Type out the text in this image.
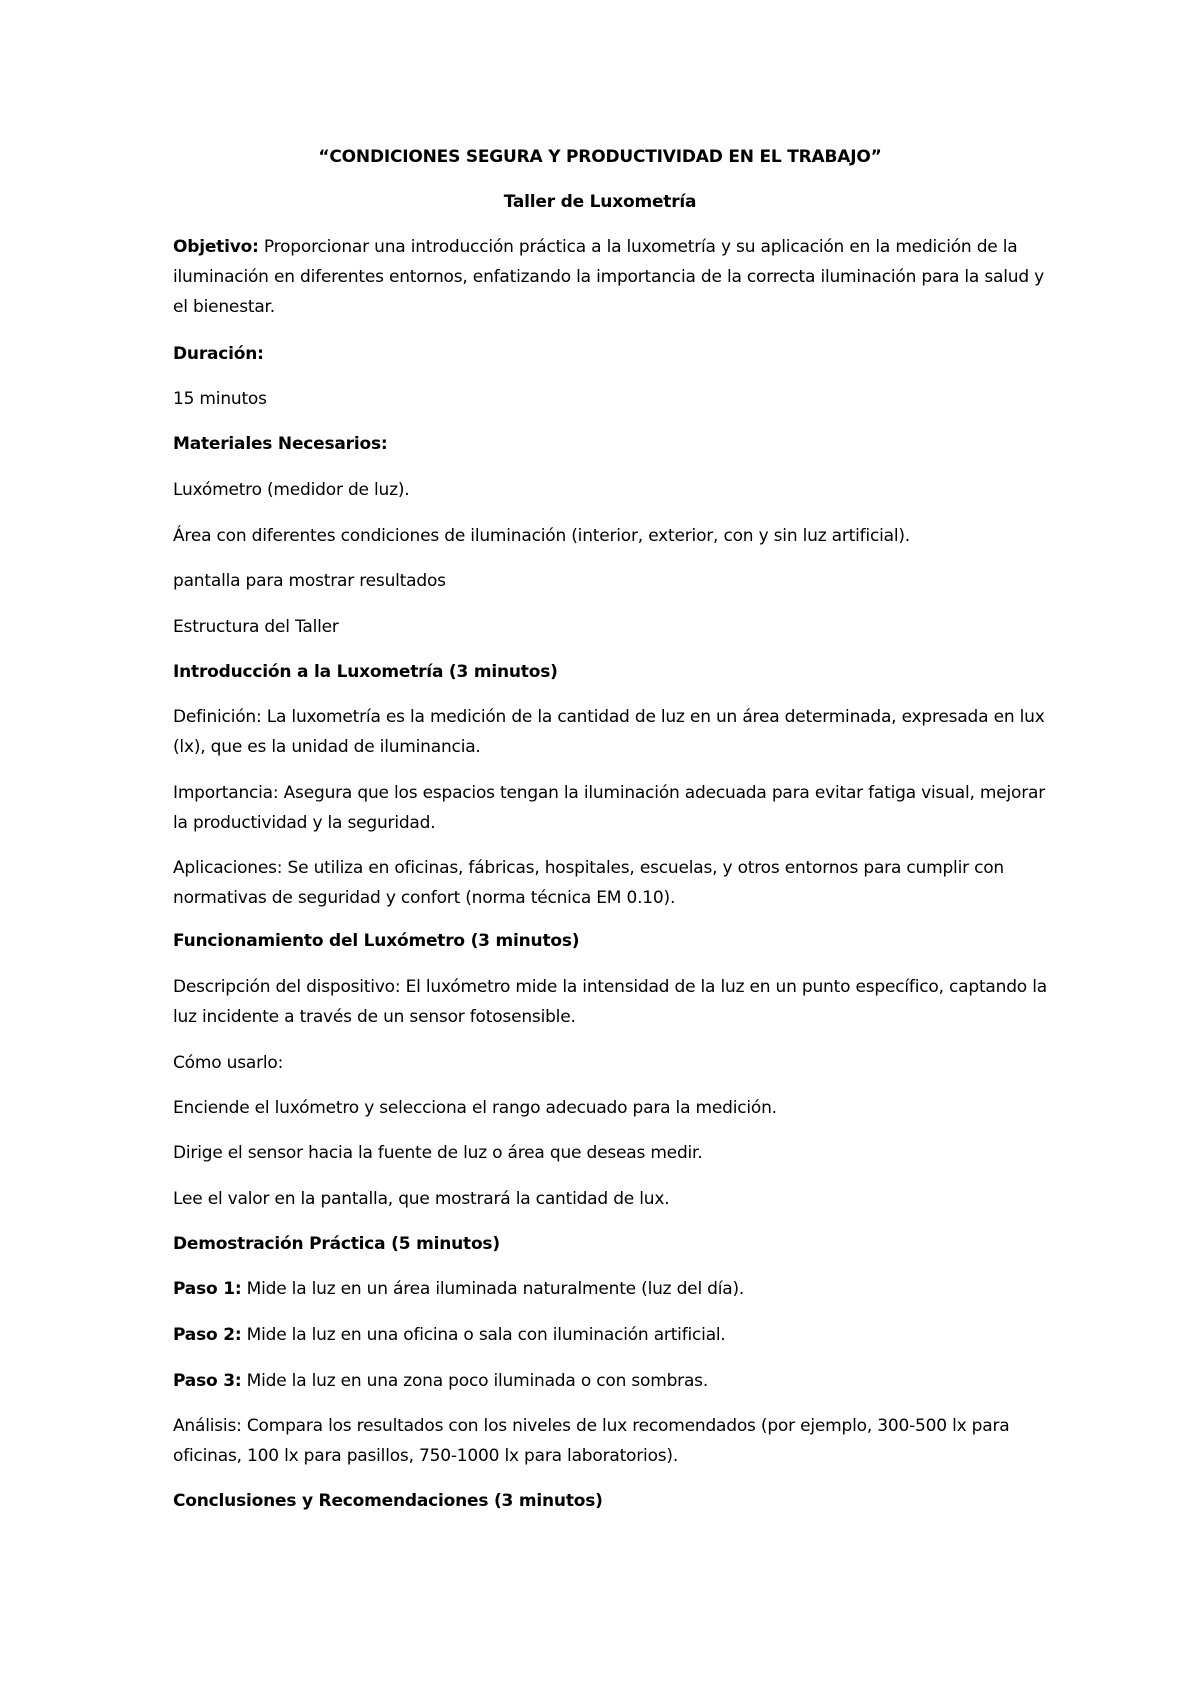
“CONDICIONES SEGURA Y PRODUCTIVIDAD EN EL TRABAJO”

Taller de Luxometría

Objetivo: Proporcionar una introducción práctica a la luxometría y su aplicación en la medición de la iluminación en diferentes entornos, enfatizando la importancia de la correcta iluminación para la salud y el bienestar.

Duración:

15 minutos

Materiales Necesarios:

Luxómetro (medidor de luz).

Área con diferentes condiciones de iluminación (interior, exterior, con y sin luz artificial).

pantalla para mostrar resultados

Estructura del Taller

Introducción a la Luxometría (3 minutos)

Definición: La luxometría es la medición de la cantidad de luz en un área determinada, expresada en lux (lx), que es la unidad de iluminancia.

Importancia: Asegura que los espacios tengan la iluminación adecuada para evitar fatiga visual, mejorar la productividad y la seguridad.

Aplicaciones: Se utiliza en oficinas, fábricas, hospitales, escuelas, y otros entornos para cumplir con normativas de seguridad y confort (norma técnica EM 0.10).

Funcionamiento del Luxómetro (3 minutos)

Descripción del dispositivo: El luxómetro mide la intensidad de la luz en un punto específico, captando la luz incidente a través de un sensor fotosensible.

Cómo usarlo:

Enciende el luxómetro y selecciona el rango adecuado para la medición.

Dirige el sensor hacia la fuente de luz o área que deseas medir.

Lee el valor en la pantalla, que mostrará la cantidad de lux.

Demostración Práctica (5 minutos)

Paso 1: Mide la luz en un área iluminada naturalmente (luz del día).

Paso 2: Mide la luz en una oficina o sala con iluminación artificial.

Paso 3: Mide la luz en una zona poco iluminada o con sombras.

Análisis: Compara los resultados con los niveles de lux recomendados (por ejemplo, 300-500 lx para oficinas, 100 lx para pasillos, 750-1000 lx para laboratorios).

Conclusiones y Recomendaciones (3 minutos)
